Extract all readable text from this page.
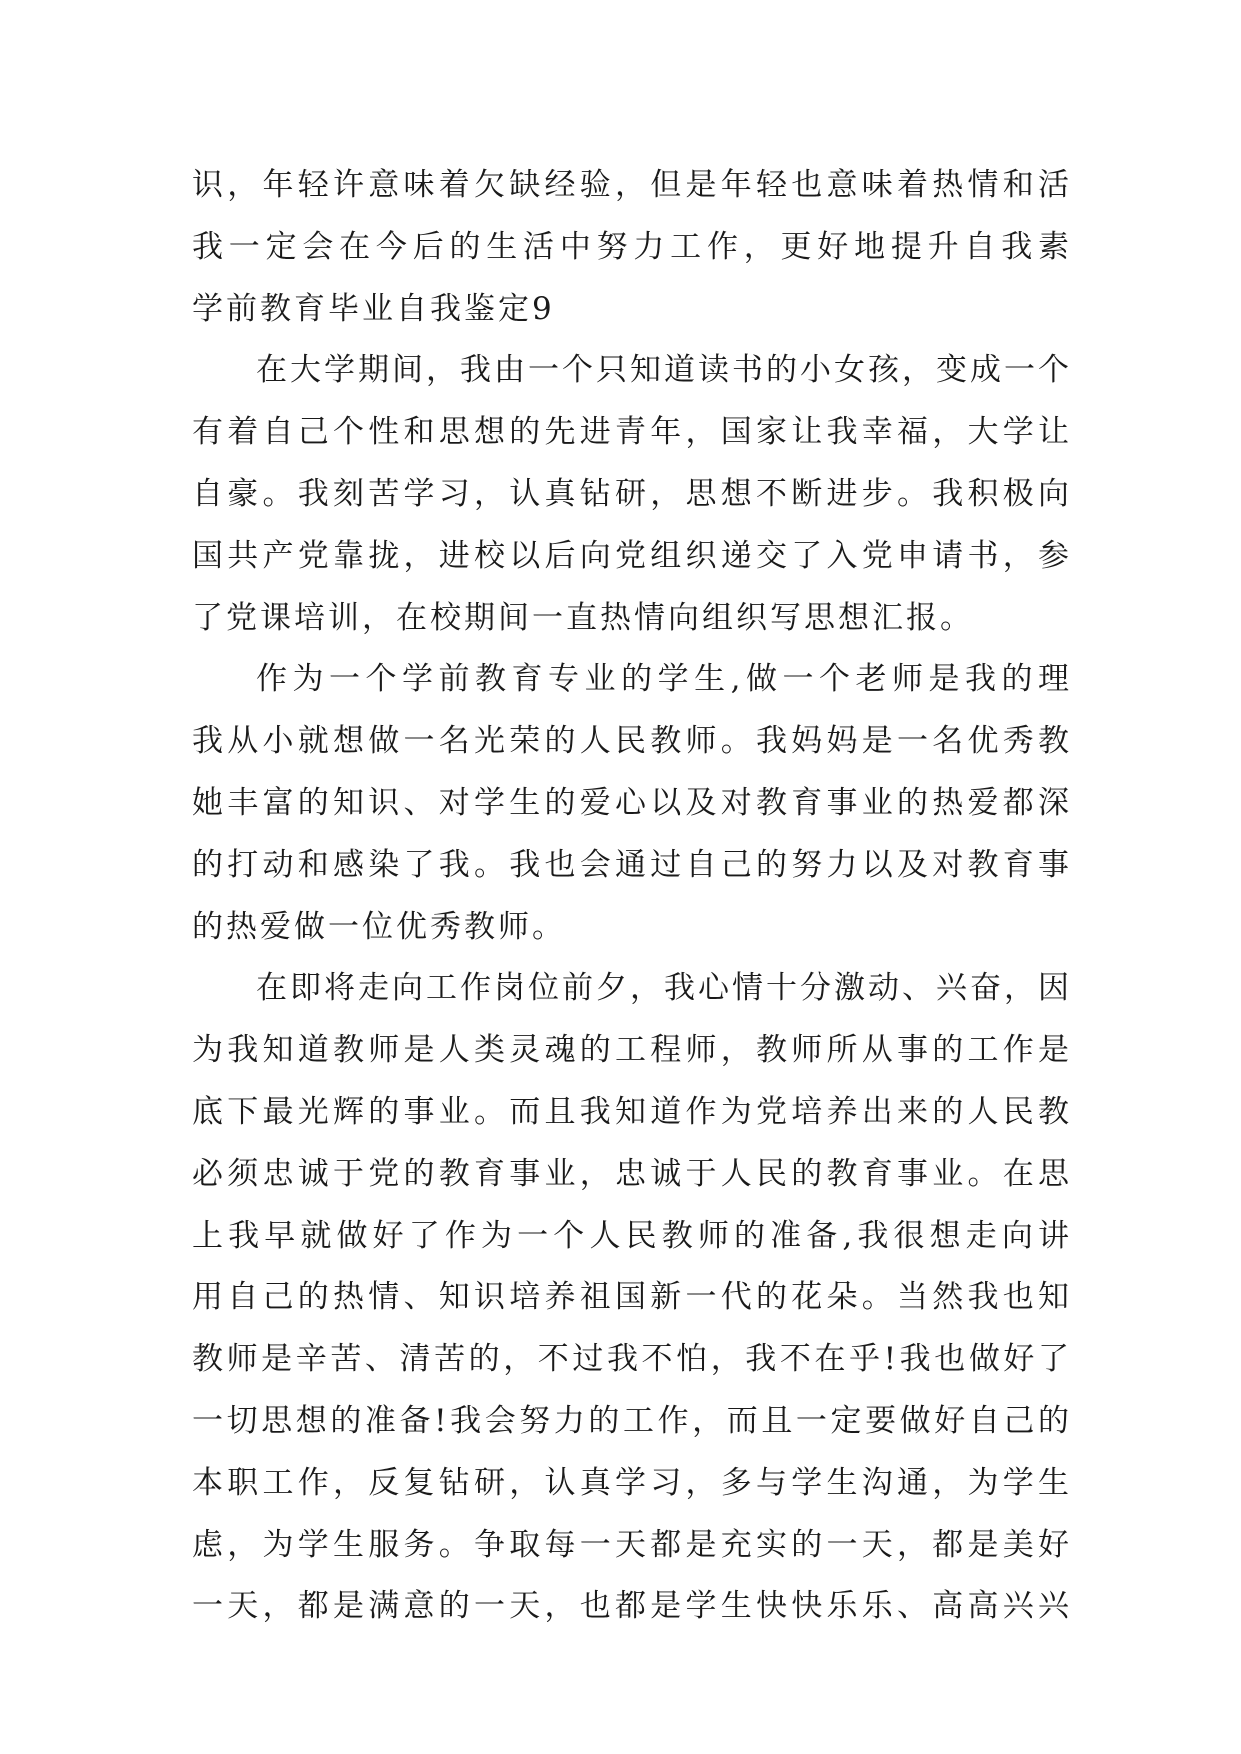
识，年轻许意味着欠缺经验，但是年轻也意味着热情和活
我一定会在今后的生活中努力工作，更好地提升自我素
学前教育毕业自我鉴定9
在大学期间，我由一个只知道读书的小女孩，变成一个
有着自己个性和思想的先进青年，国家让我幸福，大学让
自豪。我刻苦学习，认真钻研，思想不断进步。我积极向
国共产党靠拢，进校以后向党组织递交了入党申请书，参
了党课培训，在校期间一直热情向组织写思想汇报。
作为一个学前教育专业的学生,做一个老师是我的理
我从小就想做一名光荣的人民教师。我妈妈是一名优秀教
她丰富的知识、对学生的爱心以及对教育事业的热爱都深
的打动和感染了我。我也会通过自己的努力以及对教育事
的热爱做一位优秀教师。
在即将走向工作岗位前夕，我心情十分激动、兴奋，因
为我知道教师是人类灵魂的工程师，教师所从事的工作是
底下最光辉的事业。而且我知道作为党培养出来的人民教
必须忠诚于党的教育事业，忠诚于人民的教育事业。在思
上我早就做好了作为一个人民教师的准备,我很想走向讲
用自己的热情、知识培养祖国新一代的花朵。当然我也知
教师是辛苦、清苦的，不过我不怕，我不在乎!我也做好了
一切思想的准备!我会努力的工作，而且一定要做好自己的
本职工作，反复钻研，认真学习，多与学生沟通，为学生
虑，为学生服务。争取每一天都是充实的一天，都是美好
一天，都是满意的一天，也都是学生快快乐乐、高高兴兴
